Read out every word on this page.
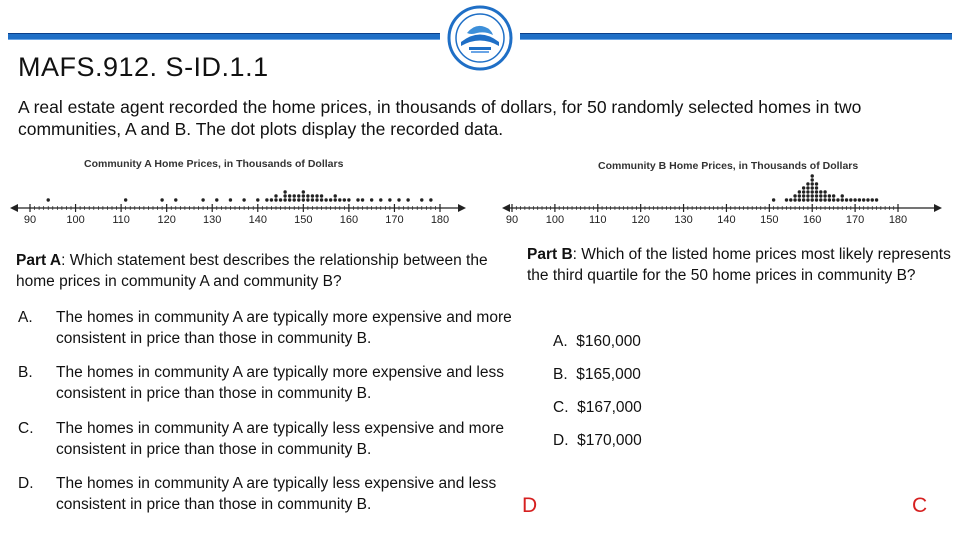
MAFS.912. S-ID.1.1
A real estate agent recorded the home prices, in thousands of dollars, for 50 randomly selected homes in two communities, A and B. The dot plots display the recorded data.
Community A Home Prices, in Thousands of Dollars
90	100	110	120 130 140 150 160 170 180
Community B Home Prices, in Thousands of Dollars
90	100 110 120 130 140 150 160 170 180
Part A: Which statement best describes the relationship between the home prices in community A and community B?
A. The homes in community A are typically more expensive and more consistent in price than those in community B.
B. The homes in community A are typically more expensive and less consistent in price than those in community B.
C. The homes in community A are typically less expensive and more consistent in price than those in community B.
D. The homes in community A are typically less expensive and less consistent in price than those in community B.	D
Part B: Which of the listed home prices most likely represents the third quartile for the 50 home prices in community B?
A. $160,000
B. $165,000
C. $167,000
D. $170,000
C
